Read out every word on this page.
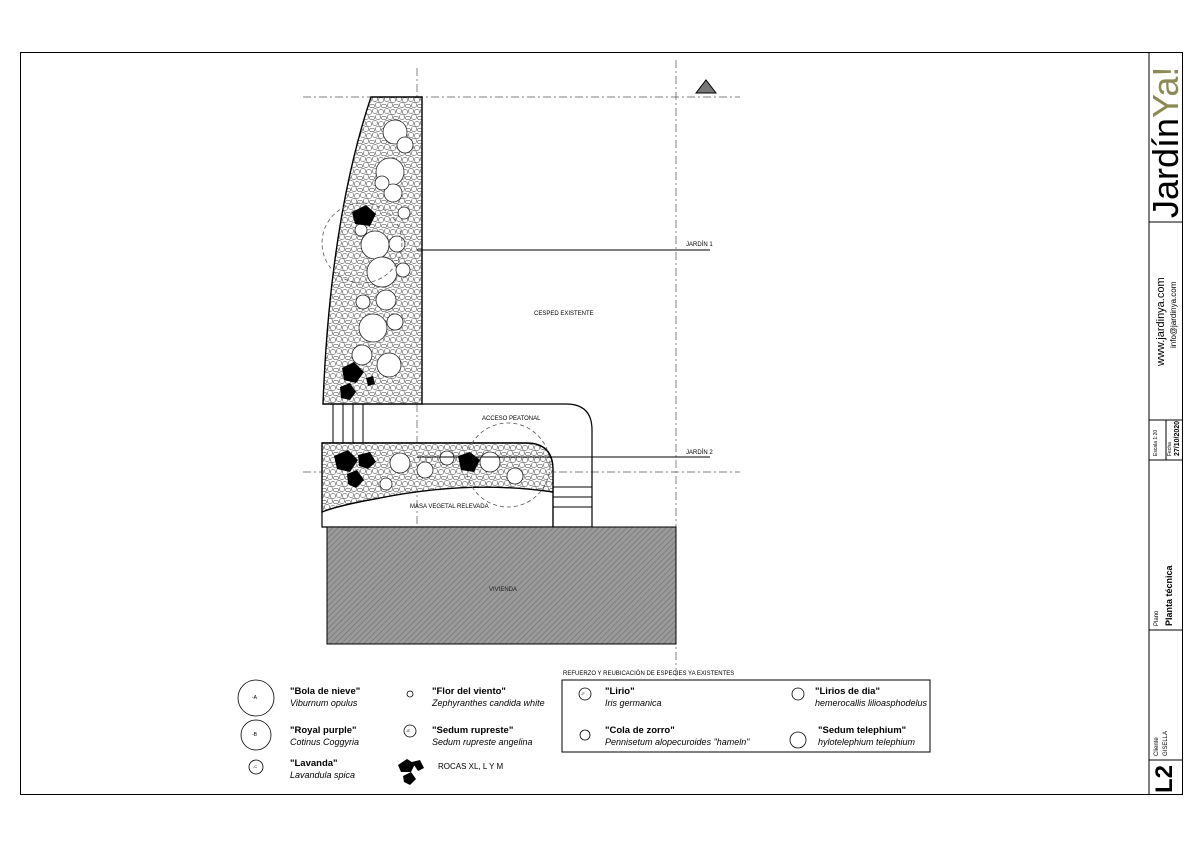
JARDÍN 1
JARDÍN 2
CESPED EXISTENTE
ACCESO PEATONAL
MASA VEGETAL RELEVADA
VIVIENDA
-A
-B
-C
-E
-F
"Bola de nieve"
Viburnum opulus
"Royal purple"
Cotinus Coggyria
"Lavanda"
Lavandula spica
"Flor del viento"
Zephyranthes candida white
"Sedum rupreste"
Sedum rupreste angelina
ROCAS XL, L Y M
REFUERZO Y REUBICACIÓN DE ESPECIES YA EXISTENTES
"Lirio"
Iris germanica
"Lirios de dia"
hemerocallis lilioasphodelus
"Cola de zorro"
Pennisetum alopecuroides "hameln"
"Sedum telephium"
hylotelephium telephium
JardínYa!
www.jardinya.com info@jardinya.com
Escala 1:20 Fecha 27/10/2020
Plano Planta técnica
Cliente GISELLA
L2
